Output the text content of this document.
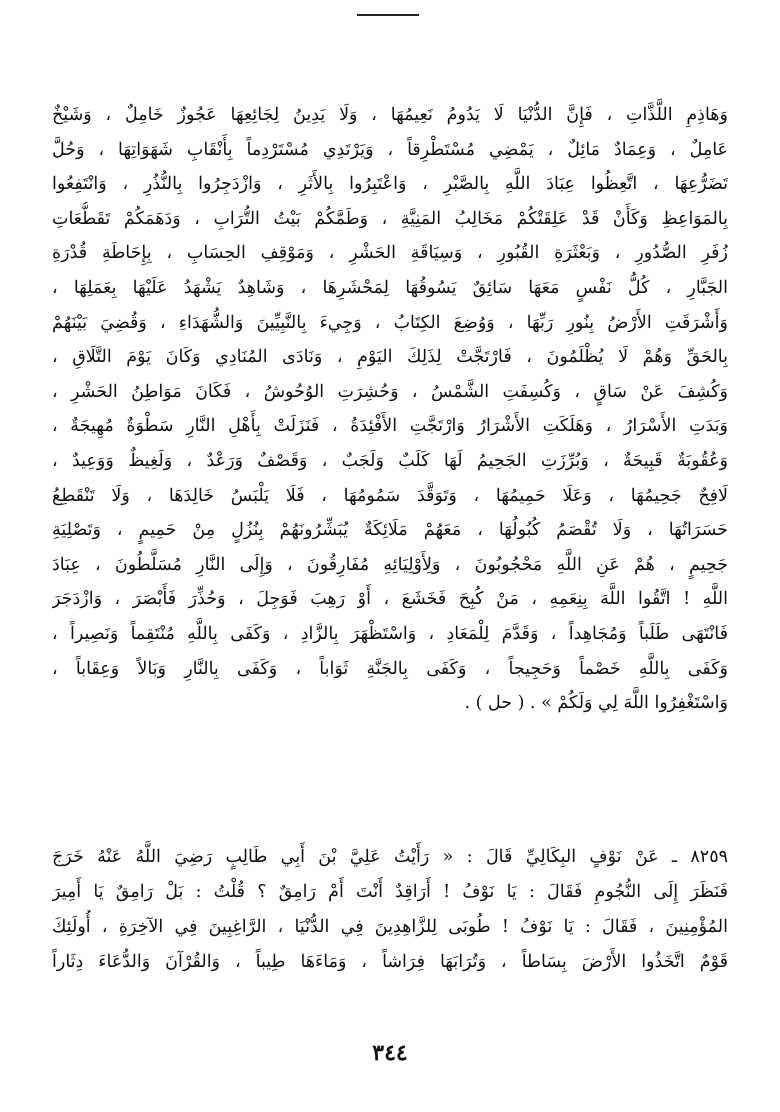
وَهَاذِمِ اللَّذَّاتِ ، فَإِنَّ الدُّنْيَا لَا يَدُومُ نَعِيمُهَا ، وَلَا يَدِينُ لِجَائِعِهَا عَجُوزٌ خَامِلٌ ، وَشَيْخٌ
عَامِلٌ ، وَعِمَادٌ مَائِلٌ ، يَمْضِي مُسْتَطْرِقاً ، وَيَرْتَدِي مُسْتَرْدِماً بِأَنْقَابِ شَهَوَاتِهَا ، وَحُلَّ
تَضَرُّعِهَا ، اتَّعِظُوا عِبَادَ اللَّهِ بِالصَّبْرِ ، وَاعْتَبِرُوا بِالأَثَرِ ، وَازْدَجِرُوا بِالنُّذُرِ ، وَانْتَفِعُوا
بِالمَوَاعِظِ وَكَأَنْ قَدْ عَلِقَتْكُمْ مَخَالِبُ المَنِيَّةِ ، وَطَمَّكُمْ بَيْتُ التُّرَابِ ، وَدَهَمَكُمْ تَقَطُّعَاتِ
زُفَرِ الصُّدُورِ ، وَبَعْثَرَةِ القُبُورِ ، وَسِيَاقَةِ الحَشْرِ ، وَمَوْقِفِ الحِسَابِ ، بِإِحَاطَةِ قُدْرَةِ
الجَبَّارِ ، كُلُّ نَفْسٍ مَعَهَا سَائِقٌ يَسُوقُهَا لِمَحْشَرِهَا ، وَشَاهِدٌ يَشْهَدُ عَلَيْهَا بِعَمَلِهَا ،
وَأَشْرَقَتِ الأَرْضُ بِنُورِ رَبِّهَا ، وَوُضِعَ الكِتَابُ ، وَجِيءَ بِالنَّبِيِّينَ وَالشُّهَدَاءِ ، وَقُضِيَ بَيْنَهُمْ
بِالحَقِّ وَهُمْ لَا يُظْلَمُونَ ، فَارْتَجَّتْ لِذَلِكَ اليَوْمِ ، وَنَادَى المُنَادِي وَكَانَ يَوْمَ التَّلَاقِ ،
وَكُشِفَ عَنْ سَاقٍ ، وَكُسِفَتِ الشَّمْسُ ، وَحُشِرَتِ الوُحُوشُ ، فَكَانَ مَوَاطِنُ الحَشْرِ ،
وَبَدَتِ الأَسْرَارُ ، وَهَلَكَتِ الأَشْرَارُ وَارْتَجَّتِ الأَفْئِدَةُ ، فَنَزَلَتْ بِأَهْلِ النَّارِ سَطْوَةٌ مُهِيجَةٌ ،
وَعُقُوبَةٌ قَبِيحَةٌ ، وَبُرِّزَتِ الجَحِيمُ لَهَا كَلَبٌ وَلَجَبٌ ، وَقَصْفٌ وَرَعْدٌ ، وَلَغِيظٌ وَوَعِيدٌ ،
لَافِحٌ جَحِيمُهَا ، وَعَلَا حَمِيمُهَا ، وَتَوَقَّدَ سَمُومُهَا ، فَلَا يَلْبَسُ خَالِدَهَا ، وَلَا تَنْقَطِعُ
حَسَرَاتُهَا ، وَلَا تُقْصَمُ كُبُولُهَا ، مَعَهُمْ مَلَائِكَةٌ يُبَشِّرُونَهُمْ بِنُزُلٍ مِنْ حَمِيمٍ ، وَتَصْلِيَةِ
جَحِيمٍ ، هُمْ عَنِ اللَّهِ مَحْجُوبُونَ ، وَلِأَوْلِيَائِهِ مُفَارِقُونَ ، وَإِلَى النَّارِ مُسَلَّطُونَ ، عِبَادَ
اللَّهِ ! اتَّقُوا اللَّهَ بِنِعَمِهِ ، مَنْ كُبِحَ فَخَشَعَ ، أَوْ رَهِبَ فَوَجِلَ ، وَحُذِّرَ فَأَبْصَرَ ، وَازْدَجَرَ
فَانْتَهَى طَلَباً وَمُجَاهِداً ، وَقَدَّمَ لِلْمَعَادِ ، وَاسْتَظْهَرَ بِالزَّادِ ، وَكَفَى بِاللَّهِ مُنْتَقِماً وَنَصِيراً ،
وَكَفَى بِاللَّهِ خَصْماً وَحَجِيجاً ، وَكَفَى بِالجَنَّةِ ثَوَاباً ، وَكَفَى بِالنَّارِ وَبَالاً وَعِقَاباً ،
وَاسْتَغْفِرُوا اللَّهَ لِي وَلَكُمْ » . ( حل ) .
٨٢٥٩ ـ عَنْ نَوْفٍ البِكَالِيِّ قَالَ : « رَأَيْتُ عَلِيَّ بْنَ أَبِي طَالِبٍ رَضِيَ اللَّهُ عَنْهُ خَرَجَ
فَنَظَرَ إِلَى النُّجُومِ فَقَالَ : يَا نَوْفُ ! أَرَاقِدٌ أَنْتَ أَمْ رَامِقٌ ؟ قُلْتُ : بَلْ رَامِقٌ يَا أَمِيرَ
المُؤْمِنِينَ ، فَقَالَ : يَا نَوْفُ ! طُوبَى لِلزَّاهِدِينَ فِي الدُّنْيَا ، الرَّاغِبِينَ فِي الآخِرَةِ ، أُولَئِكَ
قَوْمٌ اتَّخَذُوا الأَرْضَ بِسَاطاً ، وَتُرَابَهَا فِرَاشاً ، وَمَاءَهَا طِيباً ، وَالقُرْآنَ وَالدُّعَاءَ دِثَاراً
٣٤٤
